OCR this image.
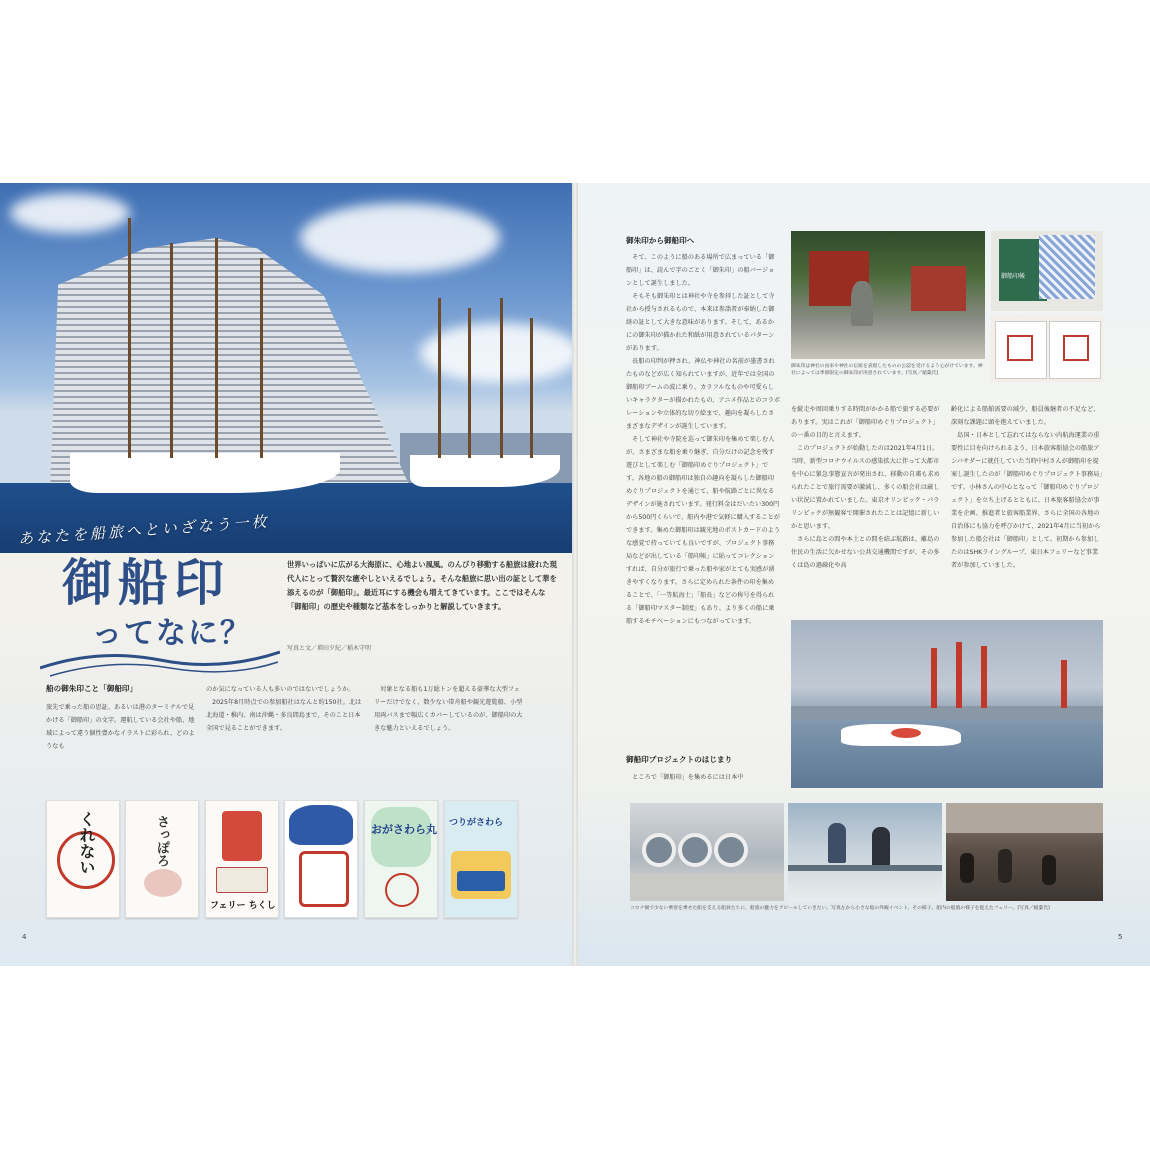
あなたを船旅へといざなう一枚
御船印
ってなに？
世界いっぱいに広がる大海原に、心地よい風風。のんびり移動する船旅は疲れた現代人にとって贅沢な癒やしといえるでしょう。そんな船旅に思い出の証として華を添えるのが「御船印」。最近耳にする機会も増えてきています。ここではそんな「御船印」の歴史や種類など基本をしっかりと解説していきます。
写真と文／増田夕紀／稲木守明
船の御朱印こと「御船印」
旅先で乗った船の思証、あるいは港のターミナルで見かける「御船印」の文字。運航している会社や船、地域によって違う個性豊かなイラストに彩られ、どのようなも
のか気になっている人も多いのではないでしょうか。
　2025年8月時点での参加船社はなんと約150社。北は北海道・稚内、南は沖縄・多良間島まで、そのこと日本全国で見ることができます。
　対象となる船も1万総トンを超える豪華な大型フェリーだけでなく、数少ない帯舟船や観光遊覧船、小型用両バスまで幅広くカバーしているのが、御船印の大きな魅力といえるでしょう。
くれない	さっぽろ
フェリー ちくし
おがさわら丸 つりがさわら
4
御朱印から御船印へ
　そて、このように船のある場所で広まっている「御船印」は、読んで字のごとく「御朱印」の船バージョンとして誕生しました。
　そもそも御朱印とは神社や寺を参拝した証として寺社から授与されるもので、本来は参詣者が奉納した御経の証として大きな意味があります。そして、あるかにの御朱印が描かれた和紙が用意されているパターンがあります。
　長船の印判が押され、神仏や神社の名前が墨書されたものなどが広く知られていますが、近年では全国の御船印ブームの波に乗り、カラフルなものや可愛らしいキャラクターが描かれたもの、アニメ作品とのコラボレーションや立体的な切り絵まで、趣向を凝らしたさまざまなデザインが誕生しています。
　そして神社や寺院を巡って御朱印を集めて楽しむ人が、さまざまな船を乗り継ぎ、自分だけの記念を残す遊びとして楽しむ「御船印めぐりプロジェクト」です。各地の船の御船印は独自の趣向を凝らした御船印めぐりプロジェクトを通じて、船や航路ごとに異なるデザインが施されています。発行料金はだいたい300円から500円くらいで、船内や港で気軽に購入することができます。集めた御船印は観光地のポストカードのような感覚で持っていても良いですが、プロジェクト事務局などが出している「船印帳」に貼ってコレクションすれば、自分が旅行で乗った船や家がとても実感が湧きやすくなります。さらに定められた条件の印を集めることで、「一等航海士」「船長」などの称号を得られる「御船印マスター制度」もあり、より多くの船に乗船するモチベーションにもつながっています。
御船印プロジェクトのはじまり
　ところで「御船印」を集めるには日本中
御船印帳
御朱印は神社の由来や神社の伝統を表現したものの公認を受けるよう心がけています。神社によっては季節限定の御朱印が用意されています。(写真／稲葉氏)
を縦走や周回乗りする時間がかかる船で旅する必要があります。実はこれが「御船印めぐりプロジェクト」の一番の目的と言えます。
　このプロジェクトが始動したのは2021年4月1日。当時、新型コロナウイルスの感染拡大に伴って大都市を中心に緊急事態宣言が発出され、移動の自粛も求められたことで旅行需要が激減し、多くの船会社は厳しい状況に置かれていました。東京オリンピック・パラリンピックが無観客で開催されたことは記憶に新しいかと思います。
　さらに島との間や本土との間を結ぶ航路は、離島の住民の生活に欠かせない公共交通機関ですが、その多くは島の過疎化や高
齢化による船舶需要の減少、船員後継者の不足など、深刻な課題に頭を抱えていました。
　島国・日本として忘れてはならない内航海運業の重要性に目を向けられるよう、日本旅客船協会の船旅アンバサダーに就任していた当時中村さんが御船印を提案し誕生したのが「御船印めぐりプロジェクト事務局」です。小林さんの中心となって「御船印めぐりプロジェクト」を立ち上げるとともに、日本旅客船協会が事業を企画、推進者と旅客船業界、さらに全国の各地の自治体にも協力を呼びかけて、2021年4月に当初から参加した船会社は「御船印」として。初期から参加したのはSHKライングループ、東日本フェリーなど事業者が参加していました。
コロナ禍で少ない乗客を乗せた船を支える船員たちに、船旅の魅力をアピールしていきたい。写真左から小さな船の外観イベント、その様子。船内の船旅の様子を捉えたフェリー。(写真／稲葉氏)
5
